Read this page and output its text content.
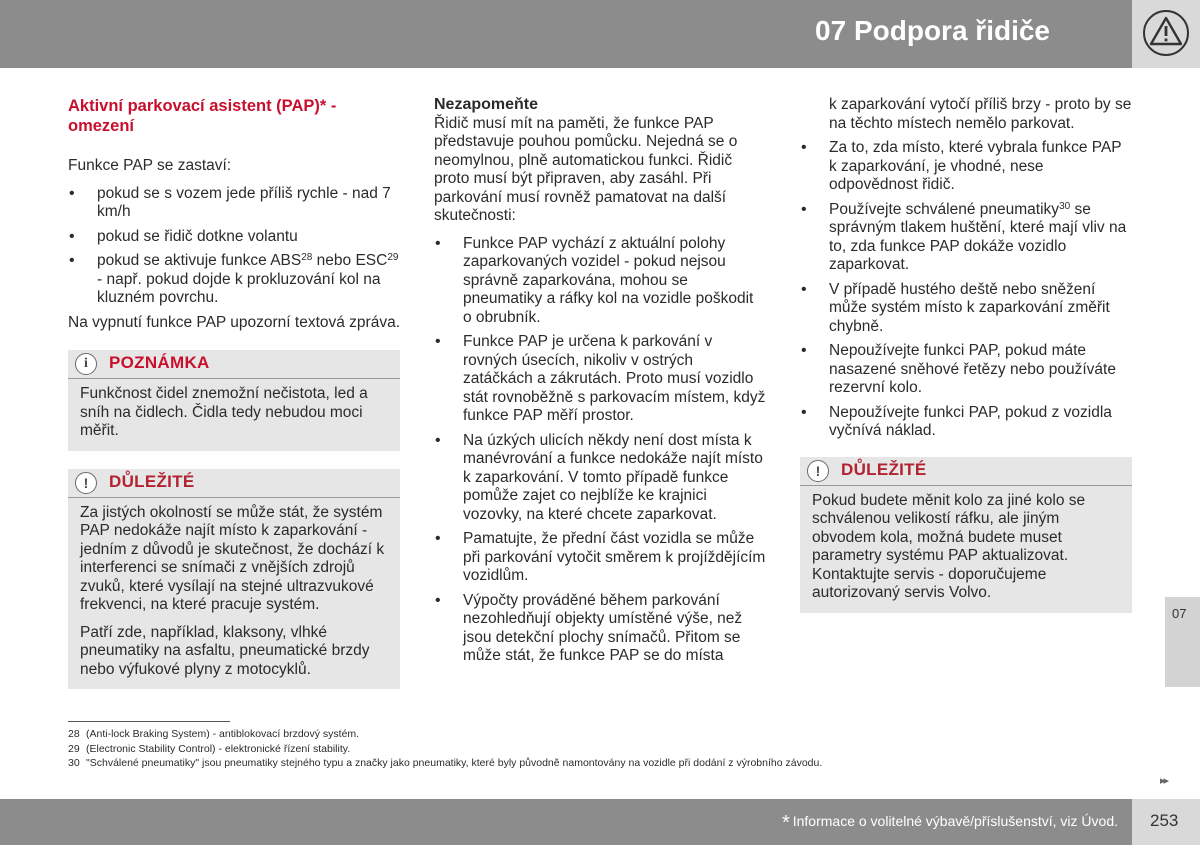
07 Podpora řidiče
Aktivní parkovací asistent (PAP)* - omezení

Funkce PAP se zastaví:

• pokud se s vozem jede příliš rychle - nad 7 km/h
• pokud se řidič dotkne volantu
• pokud se aktivuje funkce ABS$^{28}$ nebo ESC$^{29}$ - např. pokud dojde k prokluzování kol na kluzném povrchu.

Na vypnutí funkce PAP upozorní textová zpráva.

i	POZNÁMKA

Funkčnost čidel znemožní nečistota, led a sníh na čidlech. Čidla tedy nebudou moci měřit.

!	DŮLEŽITÉ

Za jistých okolností se může stát, že systém PAP nedokáže najít místo k zaparkování - jedním z důvodů je skutečnost, že dochází k interferenci se snímači z vnějších zdrojů zvuků, které vysílají na stejné ultrazvukové frekvenci, na které pracuje systém.

Patří zde, například, klaksony, vlhké pneumatiky na asfaltu, pneumatické brzdy nebo výfukové plyny z motocyklů.

Nezapomeňte

Řidič musí mít na paměti, že funkce PAP představuje pouhou pomůcku. Nejedná se o neomylnou, plně automatickou funkci. Řidič proto musí být připraven, aby zasáhl. Při parkování musí rovněž pamatovat na další skutečnosti:

• Funkce PAP vychází z aktuální polohy zaparkovaných vozidel - pokud nejsou správně zaparkována, mohou se pneumatiky a ráfky kol na vozidle poškodit o obrubník.
• Funkce PAP je určena k parkování v rovných úsecích, nikoliv v ostrých zatáčkách a zákrutách. Proto musí vozidlo stát rovnoběžně s parkovacím místem, když funkce PAP měří prostor.
• Na úzkých ulicích někdy není dost místa k manévrování a funkce nedokáže najít místo k zaparkování. V tomto případě funkce pomůže zajet co nejblíže ke krajnici vozovky, na které chcete zaparkovat.
• Pamatujte, že přední část vozidla se může při parkování vytočit směrem k projíždějícím vozidlům.
• Výpočty prováděné během parkování nezohledňují objekty umístěné výše, než jsou detekční plochy snímačů. Přitom se může stát, že funkce PAP se do místa

k zaparkování vytočí příliš brzy - proto by se na těchto místech nemělo parkovat.

• Za to, zda místo, které vybrala funkce PAP k zaparkování, je vhodné, nese odpovědnost řidič.
• Používejte schválené pneumatiky$^{30}$ se správným tlakem huštění, které mají vliv na to, zda funkce PAP dokáže vozidlo zaparkovat.
• V případě hustého deště nebo sněžení může systém místo k zaparkování změřit chybně.
• Nepoužívejte funkci PAP, pokud máte nasazené sněhové řetězy nebo používáte rezervní kolo.
• Nepoužívejte funkci PAP, pokud z vozidla vyčnívá náklad.
!	DŮLEŽITÉ

Pokud budete měnit kolo za jiné kolo se schválenou velikostí ráfku, ale jiným obvodem kola, možná budete muset parametry systému PAP aktualizovat. Kontaktujte servis - doporučujeme autorizovaný servis Volvo.

28 (Anti-lock Braking System) - antiblokovací brzdový systém.
29 (Electronic Stability Control) - elektronické řízení stability.
30 "Schválené pneumatiky" jsou pneumatiky stejného typu a značky jako pneumatiky, které byly původně namontovány na vozidle při dodání z výrobního závodu.
07
▸▸
* Informace o volitelné výbavě/příslušenství, viz Úvod. 253
